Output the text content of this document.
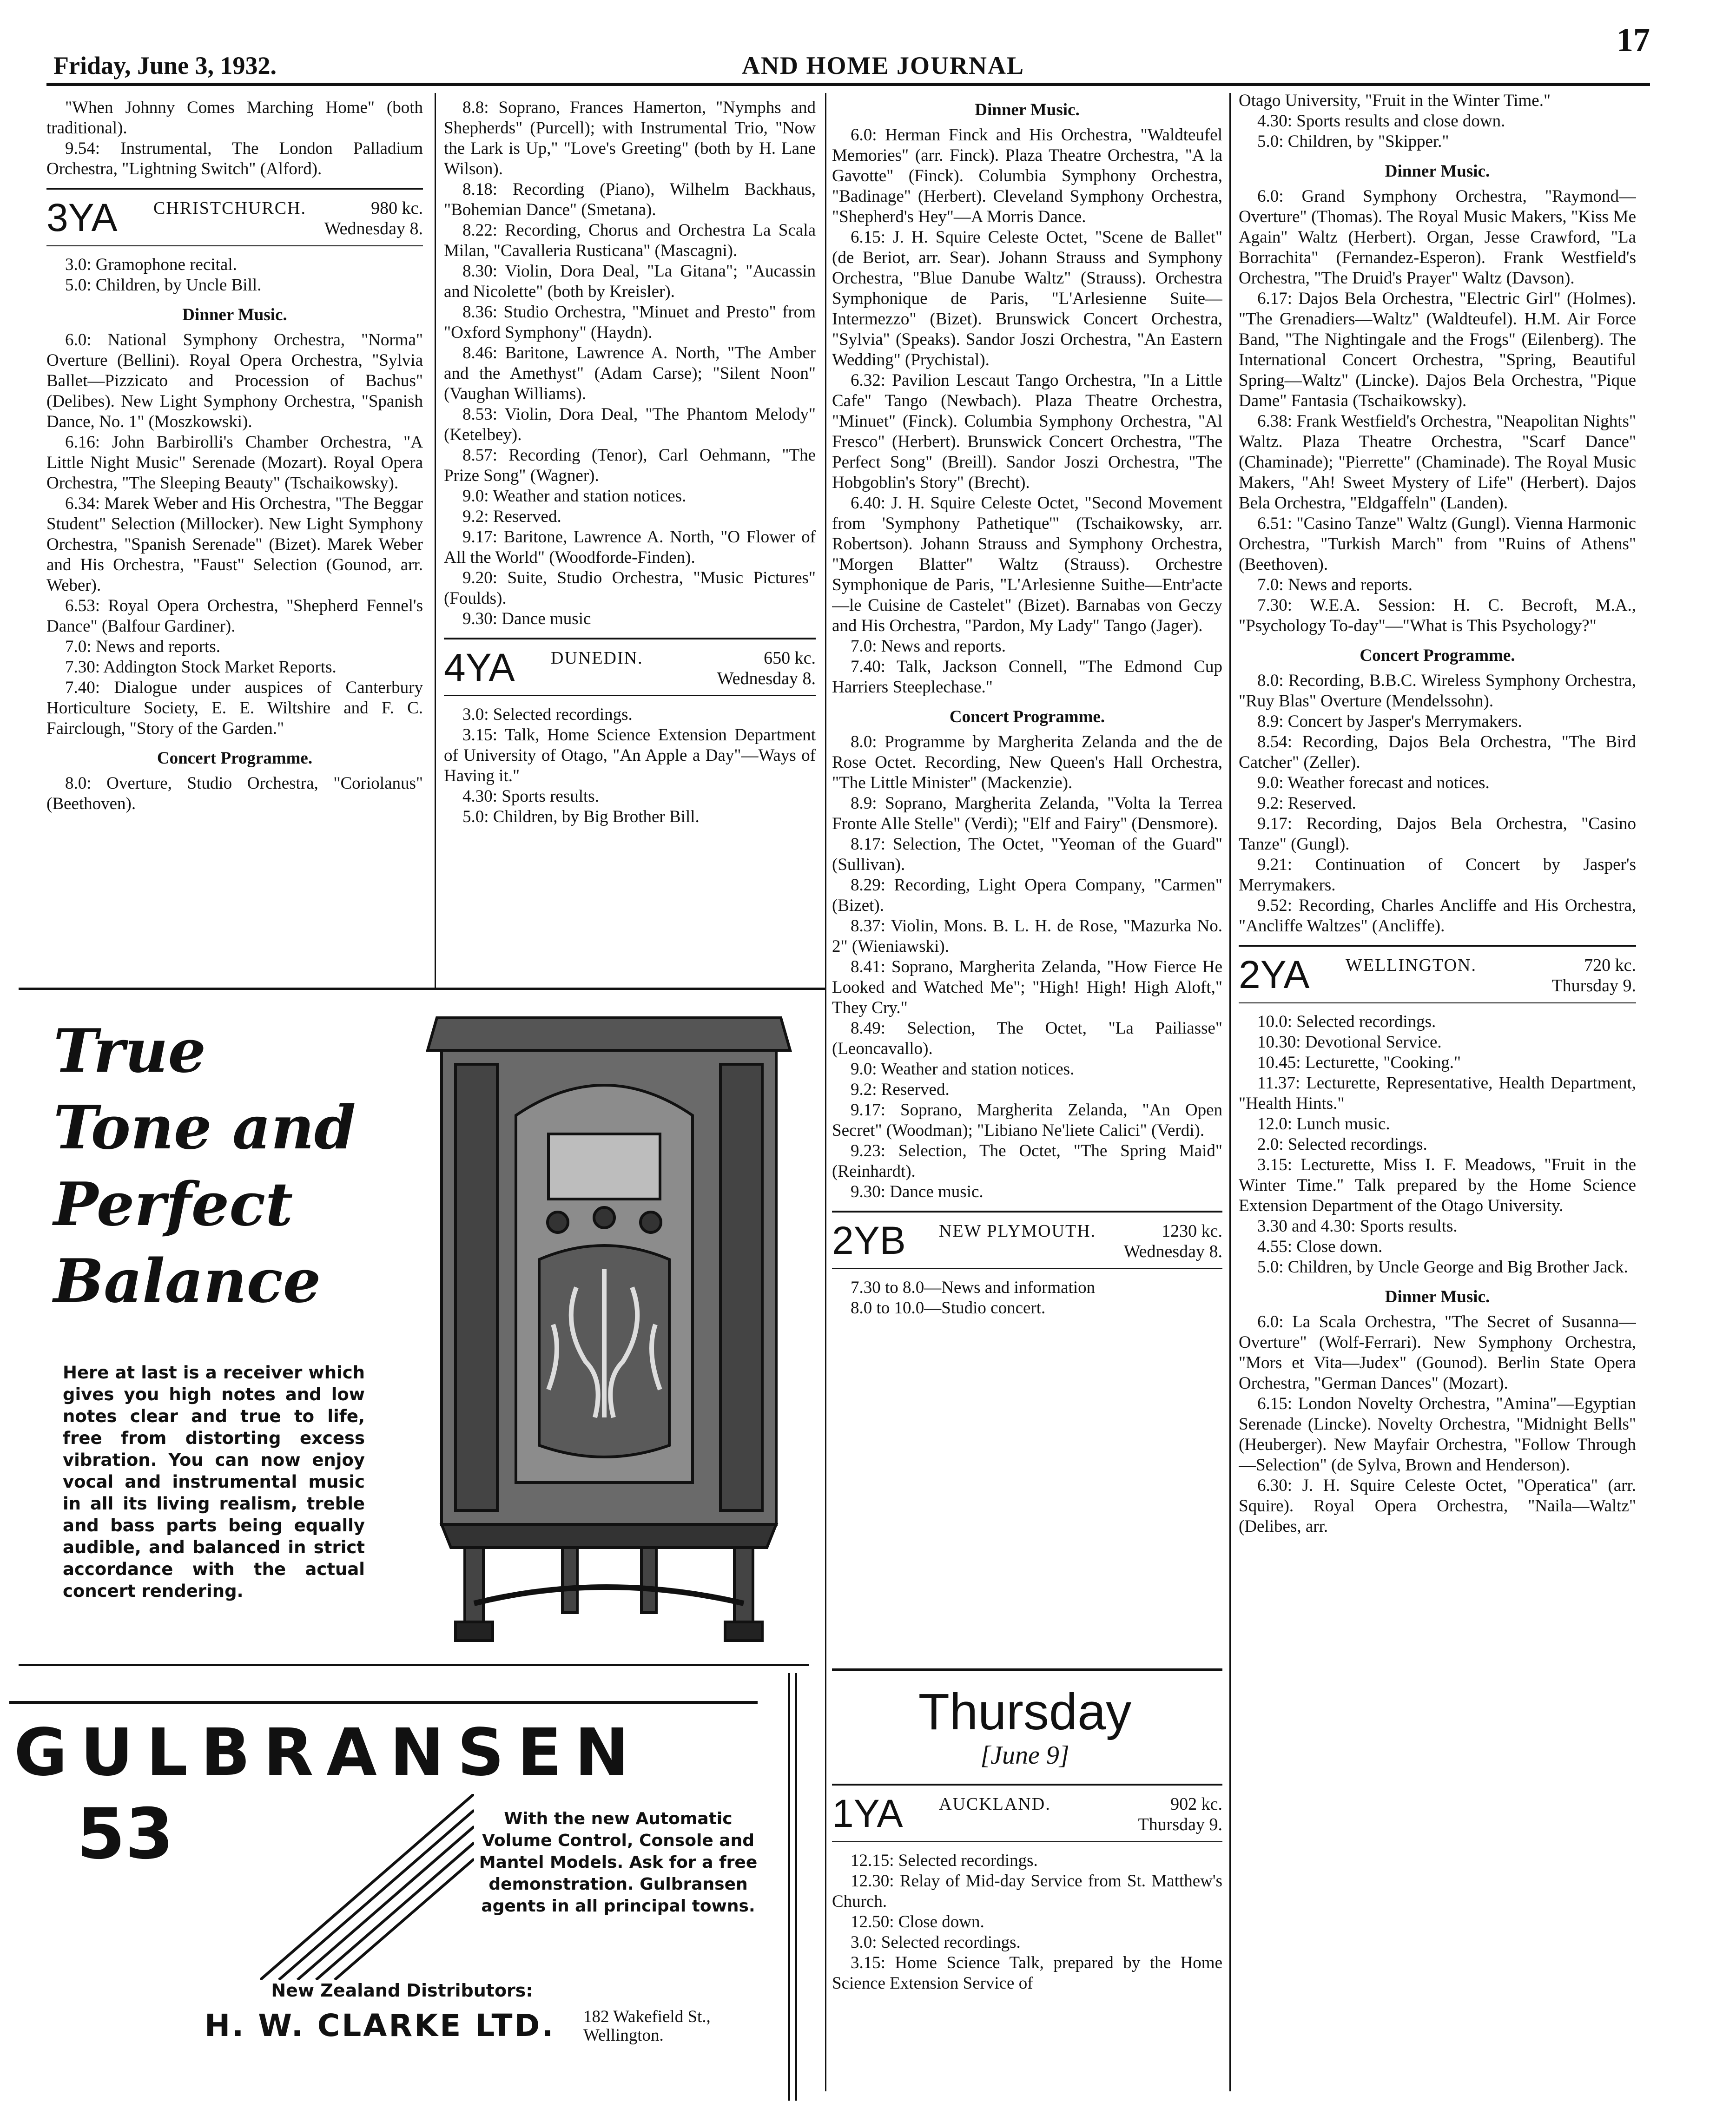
Friday, June 3, 1932.	AND HOME JOURNAL
17

"When Johnny Comes Marching Home" (both traditional).

9.54: Instrumental, The London Palladium Orchestra, "Lightning Switch" (Alford).

3YA	CHRISTCHURCH.	980 kc.
Wednesday 8.

3.0: Gramophone recital.

5.0: Children, by Uncle Bill.

Dinner Music.

6.0: National Symphony Orchestra, "Norma" Overture (Bellini). Royal Opera Orchestra, "Sylvia Ballet—Pizzicato and Procession of Bachus" (Delibes). New Light Symphony Orchestra, "Spanish Dance, No. 1" (Moszkowski).

6.16: John Barbirolli's Chamber Orchestra, "A Little Night Music" Serenade (Mozart). Royal Opera Orchestra, "The Sleeping Beauty" (Tschaikowsky).

6.34: Marek Weber and His Orchestra, "The Beggar Student" Selection (Millocker). New Light Symphony Orchestra, "Spanish Serenade" (Bizet). Marek Weber and His Orchestra, "Faust" Selection (Gounod, arr. Weber).

6.53: Royal Opera Orchestra, "Shepherd Fennel's Dance" (Balfour Gardiner).

7.0: News and reports.

7.30: Addington Stock Market Reports.

7.40: Dialogue under auspices of Canterbury Horticulture Society, E. E. Wiltshire and F. C. Fairclough, "Story of the Garden."

Concert Programme.

8.0: Overture, Studio Orchestra, "Coriolanus" (Beethoven).

8.8: Soprano, Frances Hamerton, "Nymphs and Shepherds" (Purcell); with Instrumental Trio, "Now the Lark is Up," "Love's Greeting" (both by H. Lane Wilson).

8.18: Recording (Piano), Wilhelm Backhaus, "Bohemian Dance" (Smetana).

8.22: Recording, Chorus and Orchestra La Scala Milan, "Cavalleria Rusticana" (Mascagni).

8.30: Violin, Dora Deal, "La Gitana"; "Aucassin and Nicolette" (both by Kreisler).

8.36: Studio Orchestra, "Minuet and Presto" from "Oxford Symphony" (Haydn).

8.46: Baritone, Lawrence A. North, "The Amber and the Amethyst" (Adam Carse); "Silent Noon" (Vaughan Williams).

8.53: Violin, Dora Deal, "The Phantom Melody" (Ketelbey).

8.57: Recording (Tenor), Carl Oehmann, "The Prize Song" (Wagner).

9.0: Weather and station notices.

9.2: Reserved.

9.17: Baritone, Lawrence A. North, "O Flower of All the World" (Woodforde-Finden).

9.20: Suite, Studio Orchestra, "Music Pictures" (Foulds).

9.30: Dance music

4YA	DUNEDIN.	650 kc.
Wednesday 8.

3.0: Selected recordings.

3.15: Talk, Home Science Extension Department of University of Otago, "An Apple a Day"—Ways of Having it."

4.30: Sports results.

5.0: Children, by Big Brother Bill.

Dinner Music.

6.0: Herman Finck and His Orchestra, "Waldteufel Memories" (arr. Finck). Plaza Theatre Orchestra, "A la Gavotte" (Finck). Columbia Symphony Orchestra, "Badinage" (Herbert). Cleveland Symphony Orchestra, "Shepherd's Hey"—A Morris Dance.

6.15: J. H. Squire Celeste Octet, "Scene de Ballet" (de Beriot, arr. Sear). Johann Strauss and Symphony Orchestra, "Blue Danube Waltz" (Strauss). Orchestra Symphonique de Paris, "L'Arlesienne Suite—Intermezzo" (Bizet). Brunswick Concert Orchestra, "Sylvia" (Speaks). Sandor Joszi Orchestra, "An Eastern Wedding" (Prychistal).

6.32: Pavilion Lescaut Tango Orchestra, "In a Little Cafe" Tango (Newbach). Plaza Theatre Orchestra, "Minuet" (Finck). Columbia Symphony Orchestra, "Al Fresco" (Herbert). Brunswick Concert Orchestra, "The Perfect Song" (Breill). Sandor Joszi Orchestra, "The Hobgoblin's Story" (Brecht).

6.40: J. H. Squire Celeste Octet, "Second Movement from 'Symphony Pathetique'" (Tschaikowsky, arr. Robertson). Johann Strauss and Symphony Orchestra, "Morgen Blatter" Waltz (Strauss). Orchestre Symphonique de Paris, "L'Arlesienne Suithe—Entr'acte—le Cuisine de Castelet" (Bizet). Barnabas von Geczy and His Orchestra, "Pardon, My Lady" Tango (Jager).

7.0: News and reports.

7.40: Talk, Jackson Connell, "The Edmond Cup Harriers Steeplechase."

Concert Programme.

8.0: Programme by Margherita Zelanda and the de Rose Octet. Recording, New Queen's Hall Orchestra, "The Little Minister" (Mackenzie).

8.9: Soprano, Margherita Zelanda, "Volta la Terrea Fronte Alle Stelle" (Verdi); "Elf and Fairy" (Densmore).

8.17: Selection, The Octet, "Yeoman of the Guard" (Sullivan).

8.29: Recording, Light Opera Company, "Carmen" (Bizet).

8.37: Violin, Mons. B. L. H. de Rose, "Mazurka No. 2" (Wieniawski).

8.41: Soprano, Margherita Zelanda, "How Fierce He Looked and Watched Me"; "High! High! High Aloft," They Cry."

8.49: Selection, The Octet, "La Pailiasse" (Leoncavallo).

9.0: Weather and station notices.

9.2: Reserved.

9.17: Soprano, Margherita Zelanda, "An Open Secret" (Woodman); "Libiano Ne'liete Calici" (Verdi).

9.23: Selection, The Octet, "The Spring Maid" (Reinhardt).

9.30: Dance music.

2YB	NEW PLYMOUTH.	1230 kc.
Wednesday 8.

7.30 to 8.0—News and information

8.0 to 10.0—Studio concert.

Thursday
[June 9]
1YA	AUCKLAND.	902 kc.
Thursday 9.

12.15: Selected recordings.

12.30: Relay of Mid-day Service from St. Matthew's Church.

12.50: Close down.

3.0: Selected recordings.

3.15: Home Science Talk, prepared by the Home Science Extension Service of

Otago University, "Fruit in the Winter Time."

4.30: Sports results and close down.

5.0: Children, by "Skipper."

Dinner Music.

6.0: Grand Symphony Orchestra, "Raymond—Overture" (Thomas). The Royal Music Makers, "Kiss Me Again" Waltz (Herbert). Organ, Jesse Crawford, "La Borrachita" (Fernandez-Esperon). Frank Westfield's Orchestra, "The Druid's Prayer" Waltz (Davson).

6.17: Dajos Bela Orchestra, "Electric Girl" (Holmes). "The Grenadiers—Waltz" (Waldteufel). H.M. Air Force Band, "The Nightingale and the Frogs" (Eilenberg). The International Concert Orchestra, "Spring, Beautiful Spring—Waltz" (Lincke). Dajos Bela Orchestra, "Pique Dame" Fantasia (Tschaikowsky).

6.38: Frank Westfield's Orchestra, "Neapolitan Nights" Waltz. Plaza Theatre Orchestra, "Scarf Dance" (Chaminade); "Pierrette" (Chaminade). The Royal Music Makers, "Ah! Sweet Mystery of Life" (Herbert). Dajos Bela Orchestra, "Eldgaffeln" (Landen).

6.51: "Casino Tanze" Waltz (Gungl). Vienna Harmonic Orchestra, "Turkish March" from "Ruins of Athens" (Beethoven).

7.0: News and reports.

7.30: W.E.A. Session: H. C. Becroft, M.A., "Psychology To-day"—"What is This Psychology?"

Concert Programme.

8.0: Recording, B.B.C. Wireless Symphony Orchestra, "Ruy Blas" Overture (Mendelssohn).

8.9: Concert by Jasper's Merrymakers.

8.54: Recording, Dajos Bela Orchestra, "The Bird Catcher" (Zeller).

9.0: Weather forecast and notices.

9.2: Reserved.

9.17: Recording, Dajos Bela Orchestra, "Casino Tanze" (Gungl).

9.21: Continuation of Concert by Jasper's Merrymakers.

9.52: Recording, Charles Ancliffe and His Orchestra, "Ancliffe Waltzes" (Ancliffe).

2YA	WELLINGTON.	720 kc.
Thursday 9.

10.0: Selected recordings.

10.30: Devotional Service.

10.45: Lecturette, "Cooking."

11.37: Lecturette, Representative, Health Department, "Health Hints."

12.0: Lunch music.

2.0: Selected recordings.

3.15: Lecturette, Miss I. F. Meadows, "Fruit in the Winter Time." Talk prepared by the Home Science Extension Department of the Otago University.

3.30 and 4.30: Sports results.

4.55: Close down.

5.0: Children, by Uncle George and Big Brother Jack.

Dinner Music.

6.0: La Scala Orchestra, "The Secret of Susanna—Overture" (Wolf-Ferrari). New Symphony Orchestra, "Mors et Vita—Judex" (Gounod). Berlin State Opera Orchestra, "German Dances" (Mozart).

6.15: London Novelty Orchestra, "Amina"—Egyptian Serenade (Lincke). Novelty Orchestra, "Midnight Bells" (Heuberger). New Mayfair Orchestra, "Follow Through—Selection" (de Sylva, Brown and Henderson).

6.30: J. H. Squire Celeste Octet, "Operatica" (arr. Squire). Royal Opera Orchestra, "Naila—Waltz" (Delibes, arr.

True
Tone and
Perfect
Balance
Here at last is a receiver which gives you high notes and low notes clear and true to life, free from distorting excess vibration. You can now enjoy vocal and instrumental music in all its living realism, treble and bass parts being equally audible, and balanced in strict accordance with the actual concert rendering.
GULBRANSEN
53	With the new Automatic Volume Control, Console and Mantel Models. Ask for a free demonstration. Gulbransen agents in all principal towns.
New Zealand Distributors:
H. W. CLARKE LTD. 182 Wakefield St.,
Wellington.
